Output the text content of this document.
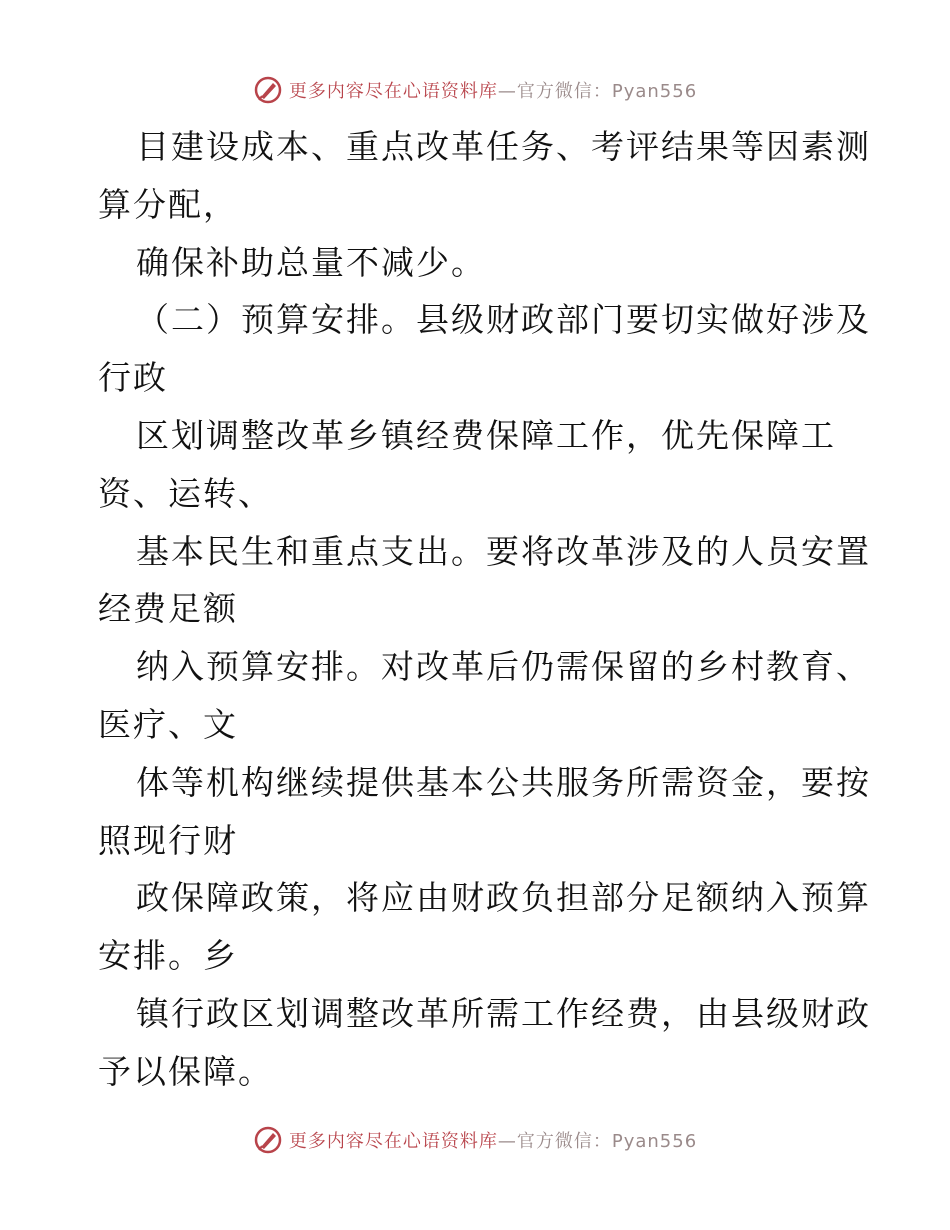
更多内容尽在心语资料库—官方微信：Pyan556
目建设成本、重点改革任务、考评结果等因素测
算分配，
确保补助总量不减少。
（二）预算安排。县级财政部门要切实做好涉及
行政
区划调整改革乡镇经费保障工作，优先保障工
资、运转、
基本民生和重点支出。要将改革涉及的人员安置
经费足额
纳入预算安排。对改革后仍需保留的乡村教育、
医疗、文
体等机构继续提供基本公共服务所需资金，要按
照现行财
政保障政策，将应由财政负担部分足额纳入预算
安排。乡
镇行政区划调整改革所需工作经费，由县级财政
予以保障。
更多内容尽在心语资料库—官方微信：Pyan556
